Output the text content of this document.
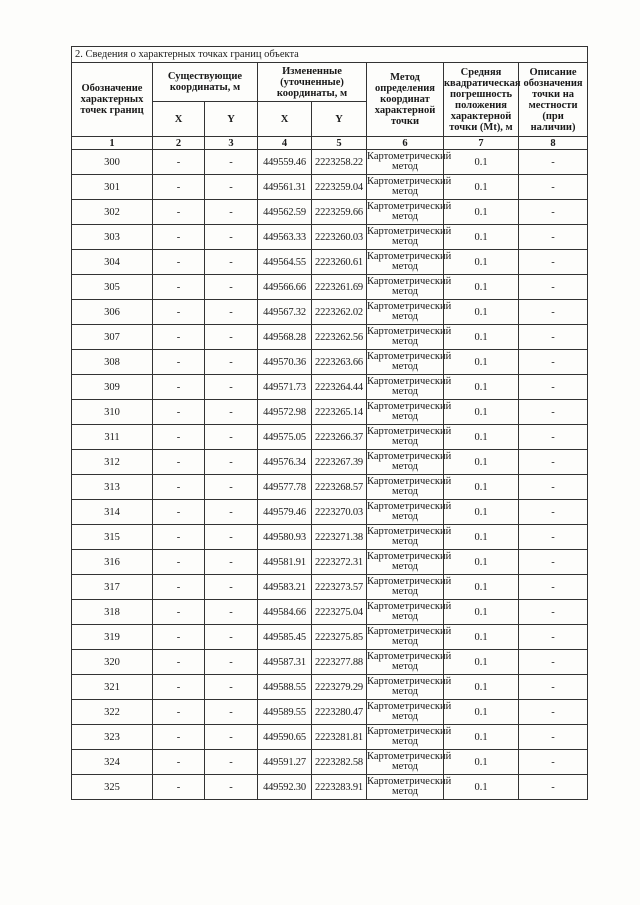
2. Сведения о характерных точках границ объекта							
Обозначение характерных точек границ	Существующие координаты, м		Измененные (уточненные) координаты, м		Метод определения координат характерной точки	Средняя квадратическая погрешность положения характерной точки (Mt), м	Описание обозначения точки на местности (при наличии)
	X	Y	X	Y			
1	2	3	4	5	6	7	8
300	-	-	449559.46	2223258.22	Картометрический метод	0.1	-
301	-	-	449561.31	2223259.04	Картометрический метод	0.1	-
302	-	-	449562.59	2223259.66	Картометрический метод	0.1	-
303	-	-	449563.33	2223260.03	Картометрический метод	0.1	-
304	-	-	449564.55	2223260.61	Картометрический метод	0.1	-
305	-	-	449566.66	2223261.69	Картометрический метод	0.1	-
306	-	-	449567.32	2223262.02	Картометрический метод	0.1	-
307	-	-	449568.28	2223262.56	Картометрический метод	0.1	-
308	-	-	449570.36	2223263.66	Картометрический метод	0.1	-
309	-	-	449571.73	2223264.44	Картометрический метод	0.1	-
310	-	-	449572.98	2223265.14	Картометрический метод	0.1	-
311	-	-	449575.05	2223266.37	Картометрический метод	0.1	-
312	-	-	449576.34	2223267.39	Картометрический метод	0.1	-
313	-	-	449577.78	2223268.57	Картометрический метод	0.1	-
314	-	-	449579.46	2223270.03	Картометрический метод	0.1	-
315	-	-	449580.93	2223271.38	Картометрический метод	0.1	-
316	-	-	449581.91	2223272.31	Картометрический метод	0.1	-
317	-	-	449583.21	2223273.57	Картометрический метод	0.1	-
318	-	-	449584.66	2223275.04	Картометрический метод	0.1	-
319	-	-	449585.45	2223275.85	Картометрический метод	0.1	-
320	-	-	449587.31	2223277.88	Картометрический метод	0.1	-
321	-	-	449588.55	2223279.29	Картометрический метод	0.1	-
322	-	-	449589.55	2223280.47	Картометрический метод	0.1	-
323	-	-	449590.65	2223281.81	Картометрический метод	0.1	-
324	-	-	449591.27	2223282.58	Картометрический метод	0.1	-
325	-	-	449592.30	2223283.91	Картометрический метод	0.1	-
